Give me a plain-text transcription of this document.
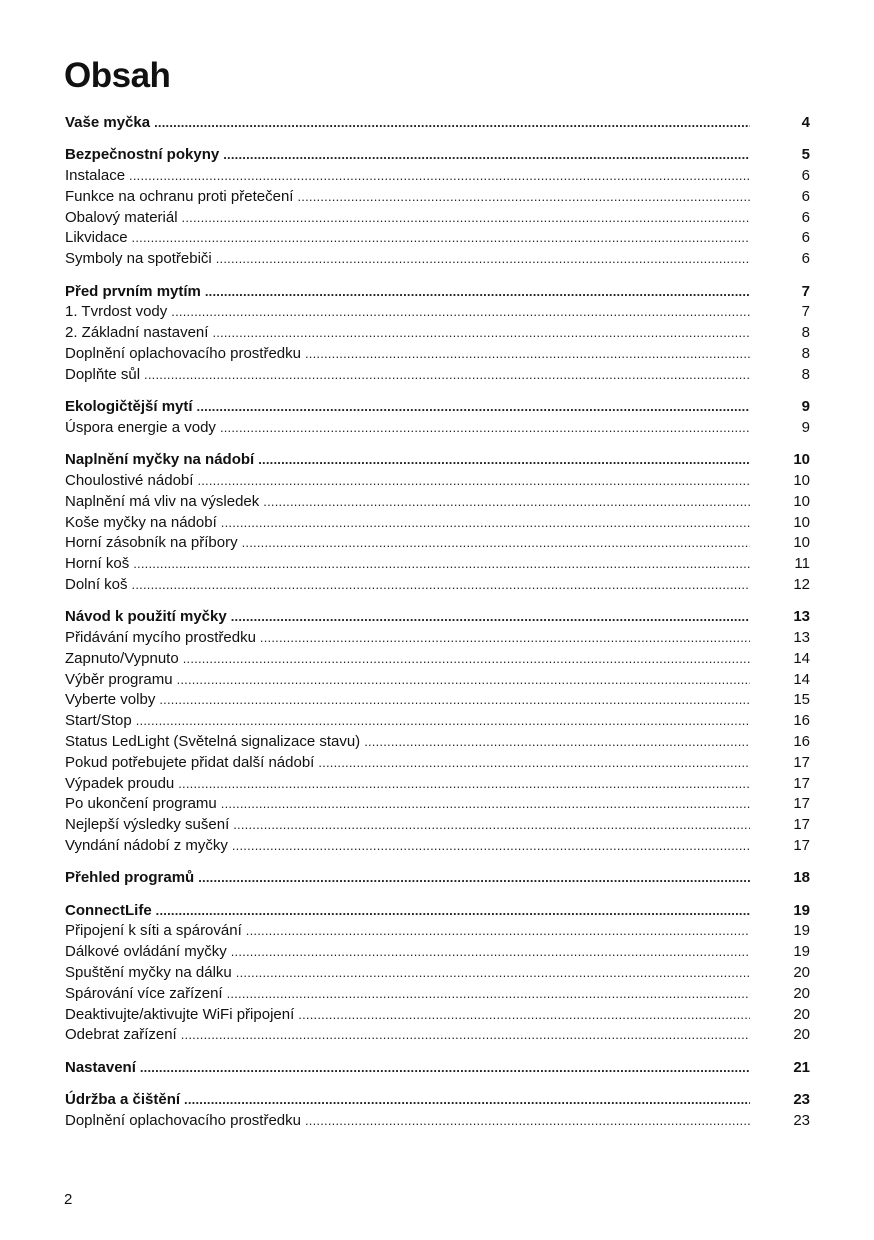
Obsah
Vaše myčka .....	4
Bezpečnostní pokyny .....	5
Instalace .....	6
Funkce na ochranu proti přetečení .....	6
Obalový materiál .....	6
Likvidace .....	6
Symboly na spotřebiči .....	6
Před prvním mytím .....	7
1. Tvrdost vody .....	7
2. Základní nastavení .....	8
Doplnění oplachovacího prostředku .....	8
Doplňte sůl .....	8
Ekologičtější mytí .....	9
Úspora energie a vody .....	9
Naplnění myčky na nádobí .....	10
Choulostivé nádobí .....	10
Naplnění má vliv na výsledek .....	10
Koše myčky na nádobí .....	10
Horní zásobník na příbory .....	10
Horní koš .....	11
Dolní koš .....	12
Návod k použití myčky .....	13
Přidávání mycího prostředku .....	13
Zapnuto/Vypnuto .....	14
Výběr programu .....	14
Vyberte volby .....	15
Start/Stop .....	16
Status LedLight (Světelná signalizace stavu) .....	16
Pokud potřebujete přidat další nádobí .....	17
Výpadek proudu .....	17
Po ukončení programu .....	17
Nejlepší výsledky sušení .....	17
Vyndání nádobí z myčky .....	17
Přehled programů .....	18
ConnectLife .....	19
Připojení k síti a spárování .....	19
Dálkové ovládání myčky .....	19
Spuštění myčky na dálku .....	20
Spárování více zařízení .....	20
Deaktivujte/aktivujte WiFi připojení .....	20
Odebrat zařízení .....	20
Nastavení .....	21
Údržba a čištění .....	23
Doplnění oplachovacího prostředku .....	23
2
